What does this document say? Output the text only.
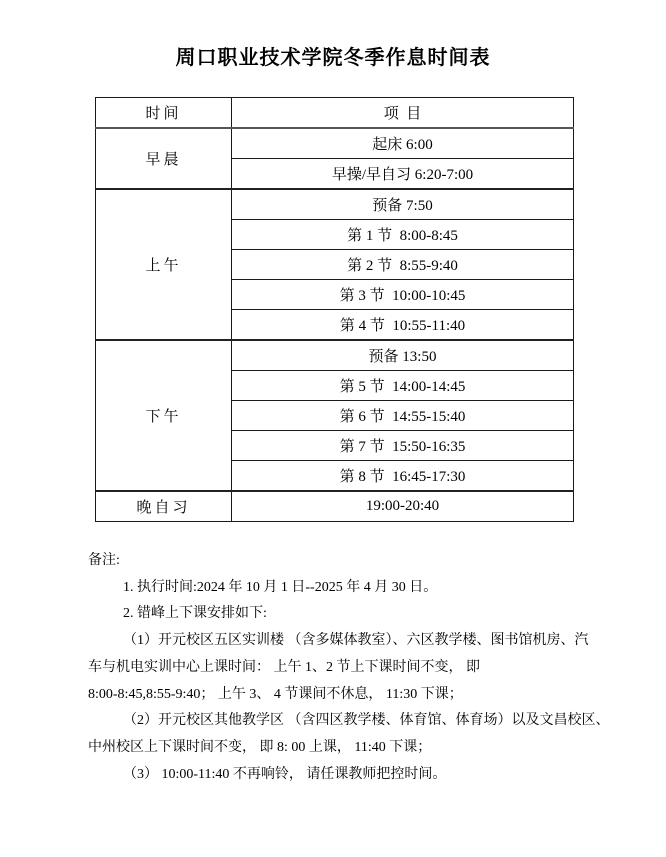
周口职业技术学院冬季作息时间表
时间	项  目
早晨	起床 6:00
	早操/早自习 6:20-7:00
上午	预备 7:50
	第 1 节  8:00-8:45
	第 2 节  8:55-9:40
	第 3 节  10:00-10:45
	第 4 节  10:55-11:40
下午	预备 13:50
	第 5 节  14:00-14:45
	第 6 节  14:55-15:40
	第 7 节  15:50-16:35
	第 8 节  16:45-17:30
晚自习	19:00-20:40
备注:
1. 执行时间:2024 年 10 月 1 日--2025 年 4 月 30 日。
2. 错峰上下课安排如下:
（1）开元校区五区实训楼 （含多媒体教室）、六区教学楼、图书馆机房、汽
车与机电实训中心上课时间： 上午 1、2 节上下课时间不变， 即
8:00-8:45,8:55-9:40； 上午 3、 4 节课间不休息， 11:30 下课；
（2）开元校区其他教学区 （含四区教学楼、体育馆、体育场）以及文昌校区、
中州校区上下课时间不变， 即 8: 00 上课， 11:40 下课；
（3） 10:00-11:40 不再响铃， 请任课教师把控时间。
